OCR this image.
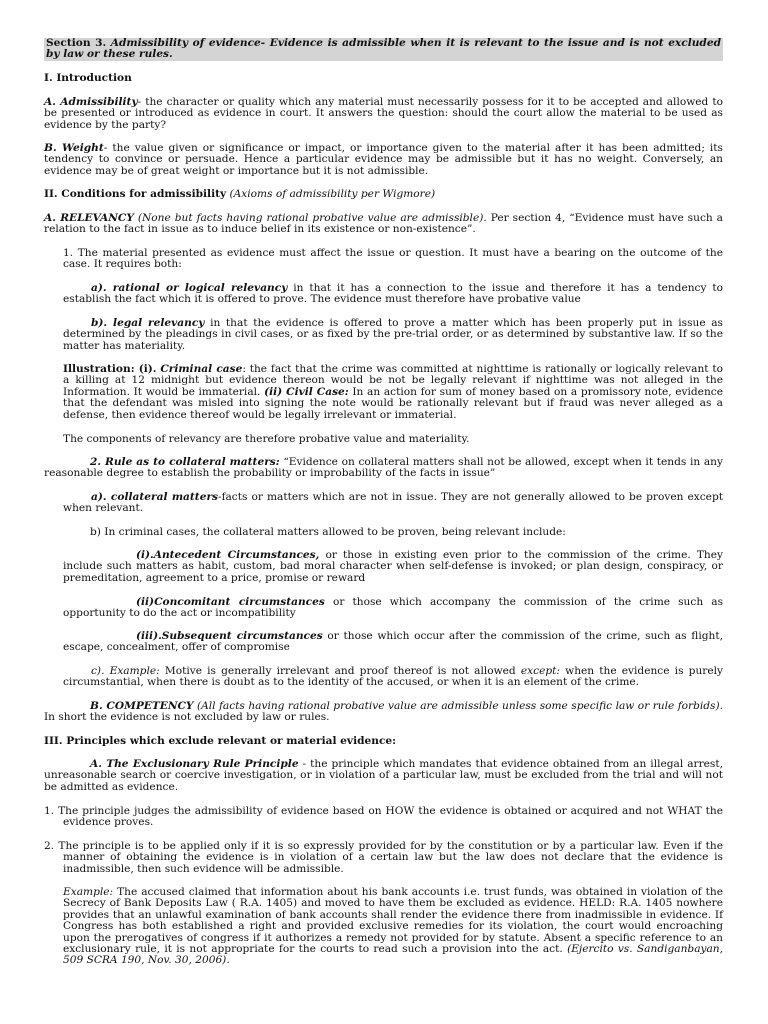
Section 3. Admissibility of evidence- Evidence is admissible when it is relevant to the issue and is not excluded by law or these rules.

I. Introduction

A. Admissibility- the character or quality which any material must necessarily possess for it to be accepted and allowed to be presented or introduced as evidence in court. It answers the question: should the court allow the material to be used as evidence by the party?

B. Weight- the value given or significance or impact, or importance given to the material after it has been admitted; its tendency to convince or persuade. Hence a particular evidence may be admissible but it has no weight. Conversely, an evidence may be of great weight or importance but it is not admissible.

II. Conditions for admissibility (Axioms of admissibility per Wigmore)

A. RELEVANCY (None but facts having rational probative value are admissible). Per section 4, “Evidence must have such a relation to the fact in issue as to induce belief in its existence or non-existence”.

1. The material presented as evidence must affect the issue or question. It must have a bearing on the outcome of the case. It requires both:

a). rational or logical relevancy in that it has a connection to the issue and therefore it has a tendency to establish the fact which it is offered to prove. The evidence must therefore have probative value

b). legal relevancy in that the evidence is offered to prove a matter which has been properly put in issue as determined by the pleadings in civil cases, or as fixed by the pre-trial order, or as determined by substantive law. If so the matter has materiality.

Illustration: (i). Criminal case: the fact that the crime was committed at nighttime is rationally or logically relevant to a killing at 12 midnight but evidence thereon would be not be legally relevant if nighttime was not alleged in the Information. It would be immaterial. (ii) Civil Case: In an action for sum of money based on a promissory note, evidence that the defendant was misled into signing the note would be rationally relevant but if fraud was never alleged as a defense, then evidence thereof would be legally irrelevant or immaterial.

The components of relevancy are therefore probative value and materiality.

2. Rule as to collateral matters: “Evidence on collateral matters shall not be allowed, except when it tends in any reasonable degree to establish the probability or improbability of the facts in issue”

a). collateral matters-facts or matters which are not in issue. They are not generally allowed to be proven except when relevant.

b) In criminal cases, the collateral matters allowed to be proven, being relevant include:

(i).Antecedent Circumstances, or those in existing even prior to the commission of the crime. They include such matters as habit, custom, bad moral character when self-defense is invoked; or plan design, conspiracy, or premeditation, agreement to a price, promise or reward

(ii)Concomitant circumstances or those which accompany the commission of the crime such as opportunity to do the act or incompatibility

(iii).Subsequent circumstances or those which occur after the commission of the crime, such as flight, escape, concealment, offer of compromise

c). Example: Motive is generally irrelevant and proof thereof is not allowed except: when the evidence is purely circumstantial, when there is doubt as to the identity of the accused, or when it is an element of the crime.

B. COMPETENCY (All facts having rational probative value are admissible unless some specific law or rule forbids). In short the evidence is not excluded by law or rules.

III. Principles which exclude relevant or material evidence:

A. The Exclusionary Rule Principle - the principle which mandates that evidence obtained from an illegal arrest, unreasonable search or coercive investigation, or in violation of a particular law, must be excluded from the trial and will not be admitted as evidence.

1. The principle judges the admissibility of evidence based on HOW the evidence is obtained or acquired and not WHAT the evidence proves.

2. The principle is to be applied only if it is so expressly provided for by the constitution or by a particular law. Even if the manner of obtaining the evidence is in violation of a certain law but the law does not declare that the evidence is inadmissible, then such evidence will be admissible.

Example: The accused claimed that information about his bank accounts i.e. trust funds, was obtained in violation of the Secrecy of Bank Deposits Law ( R.A. 1405) and moved to have them be excluded as evidence. HELD: R.A. 1405 nowhere provides that an unlawful examination of bank accounts shall render the evidence there from inadmissible in evidence. If Congress has both established a right and provided exclusive remedies for its violation, the court would encroaching upon the prerogatives of congress if it authorizes a remedy not provided for by statute. Absent a specific reference to an exclusionary rule, it is not appropriate for the courts to read such a provision into the act. (Ejercito vs. Sandiganbayan, 509 SCRA 190, Nov. 30, 2006).
